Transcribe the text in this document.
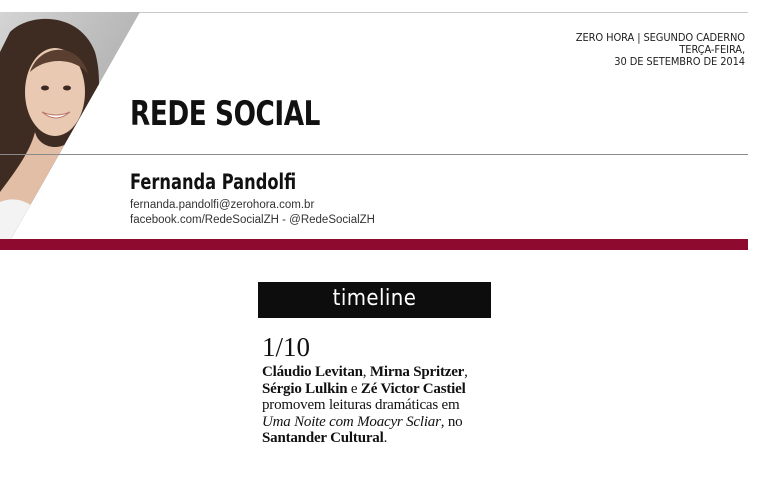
ZERO HORA | SEGUNDO CADERNO
TERÇA-FEIRA,
30 DE SETEMBRO DE 2014
REDE SOCIAL
Fernanda Pandolfi
fernanda.pandolfi@zerohora.com.br
facebook.com/RedeSocialZH - @RedeSocialZH
timeline
1/10

Cláudio Levitan, Mirna Spritzer,
Sérgio Lulkin e Zé Victor Castiel
promovem leituras dramáticas em
Uma Noite com Moacyr Scliar, no
Santander Cultural.
